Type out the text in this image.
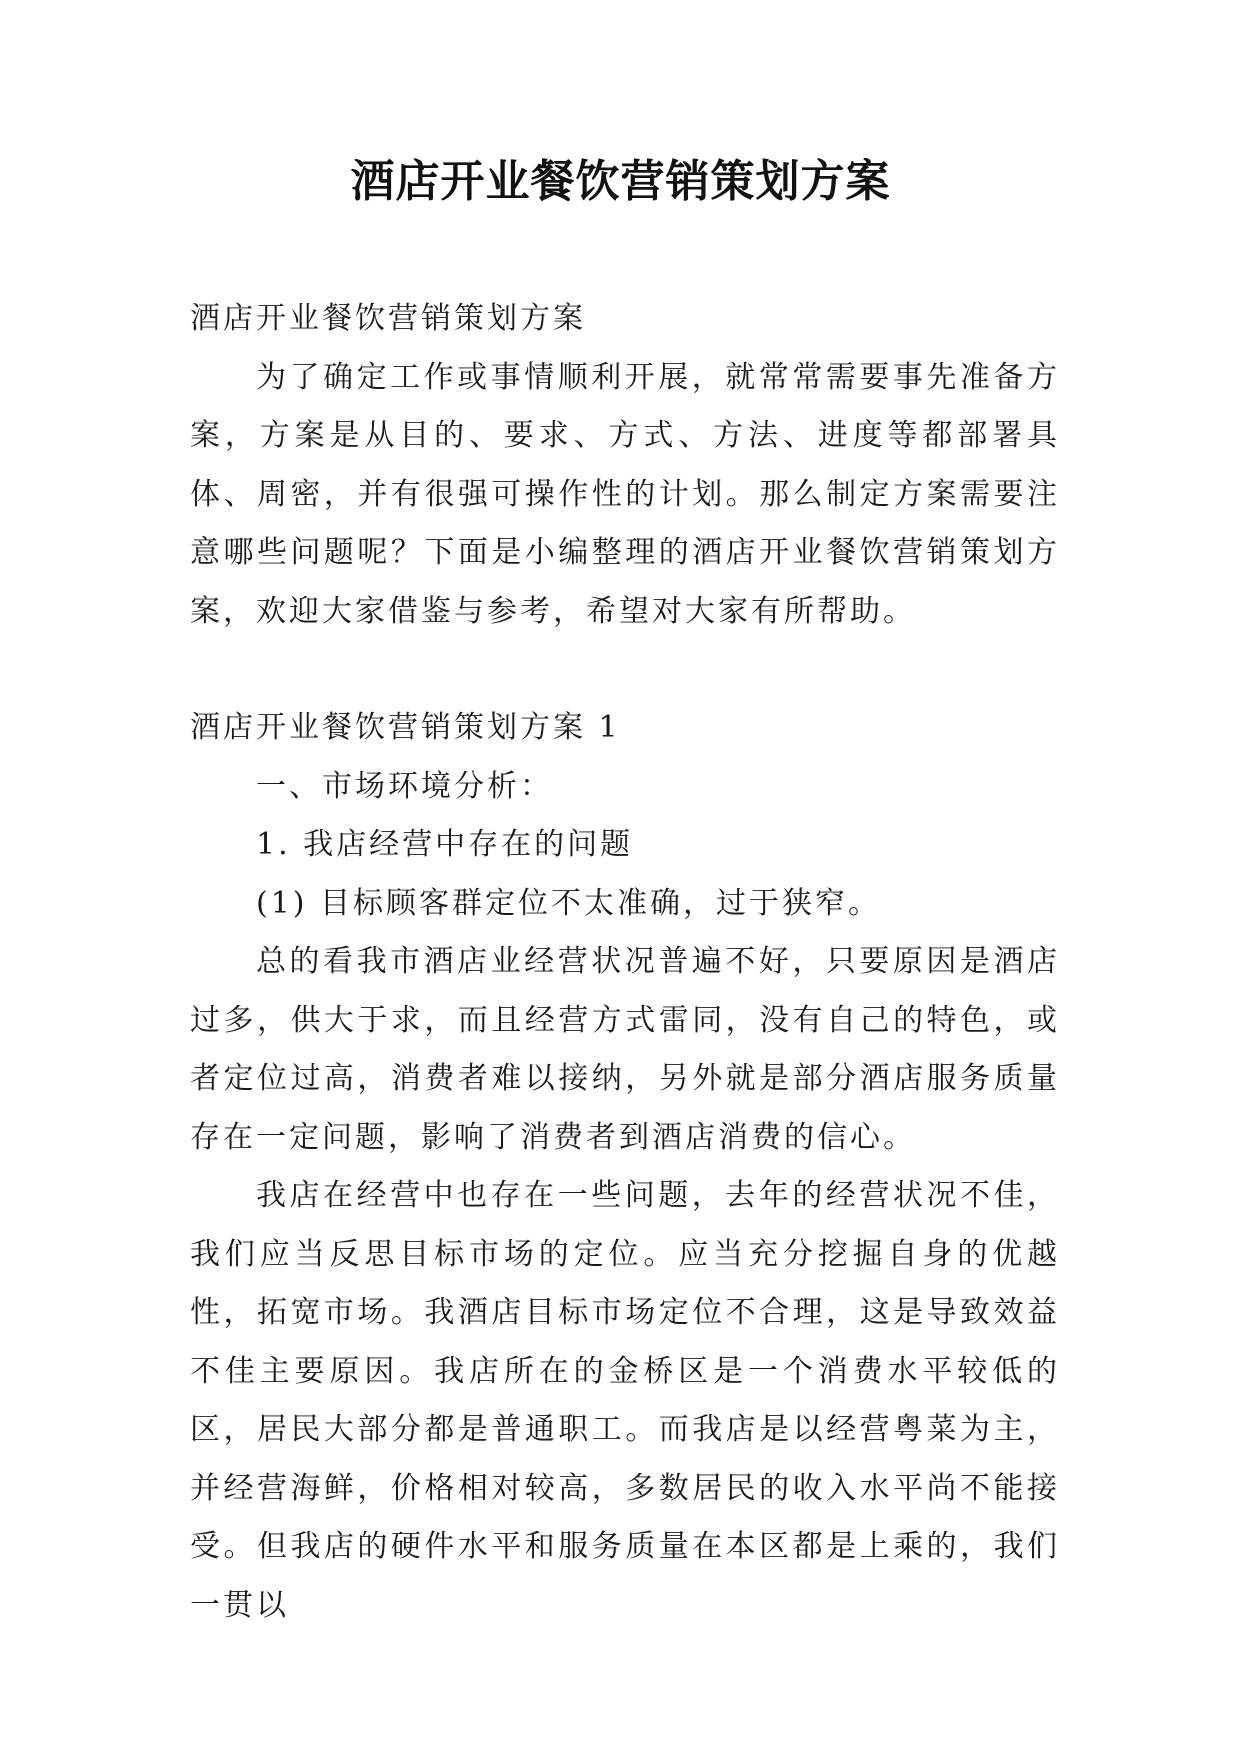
酒店开业餐饮营销策划方案

酒店开业餐饮营销策划方案

为了确定工作或事情顺利开展，就常常需要事先准备方案，方案是从目的、要求、方式、方法、进度等都部署具体、周密，并有很强可操作性的计划。那么制定方案需要注意哪些问题呢？下面是小编整理的酒店开业餐饮营销策划方案，欢迎大家借鉴与参考，希望对大家有所帮助。

酒店开业餐饮营销策划方案 1

一、市场环境分析：

1. 我店经营中存在的问题

(1) 目标顾客群定位不太准确，过于狭窄。

总的看我市酒店业经营状况普遍不好，只要原因是酒店过多，供大于求，而且经营方式雷同，没有自己的特色，或者定位过高，消费者难以接纳，另外就是部分酒店服务质量存在一定问题，影响了消费者到酒店消费的信心。

我店在经营中也存在一些问题，去年的经营状况不佳，我们应当反思目标市场的定位。应当充分挖掘自身的优越性，拓宽市场。我酒店目标市场定位不合理，这是导致效益不佳主要原因。我店所在的金桥区是一个消费水平较低的区，居民大部分都是普通职工。而我店是以经营粤菜为主，并经营海鲜，价格相对较高，多数居民的收入水平尚不能接受。但我店的硬件水平和服务质量在本区都是上乘的，我们一贯以
